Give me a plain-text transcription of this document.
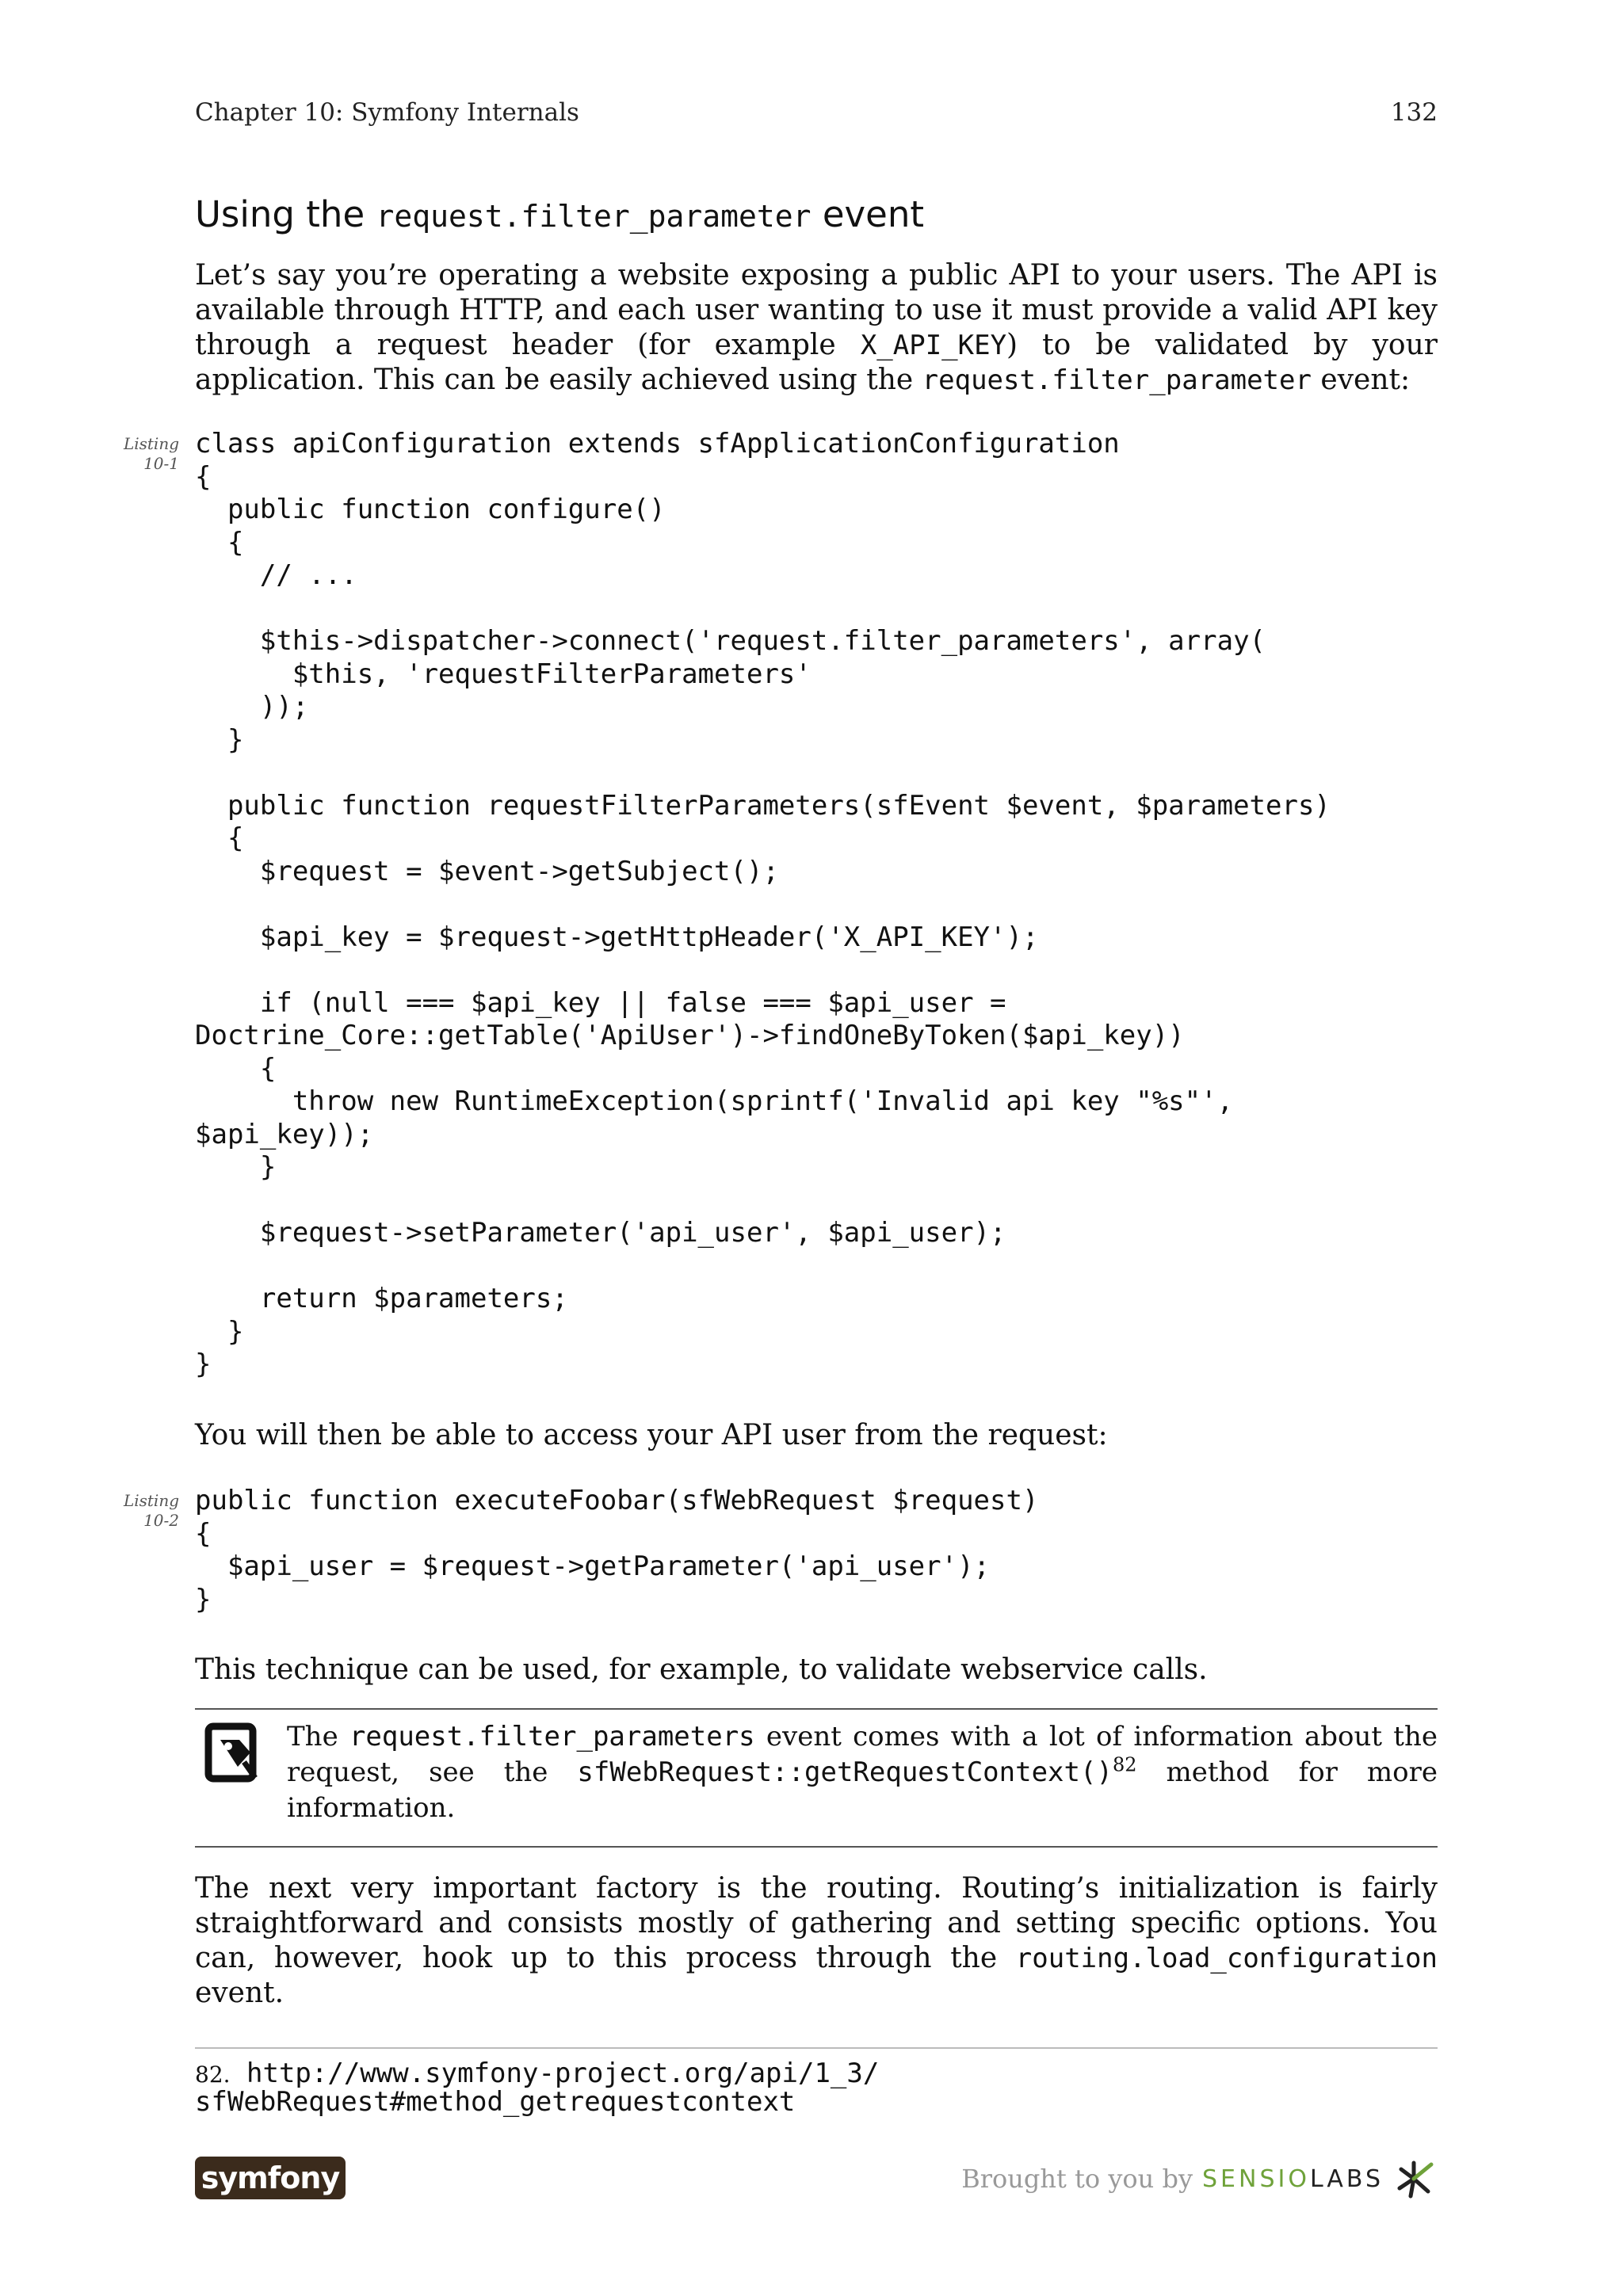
Chapter 10: Symfony Internals	132
Using the request.filter_parameter event

Let’s say you’re operating a website exposing a public API to your users. The API is available through HTTP, and each user wanting to use it must provide a valid API key through a request header (for example X_API_KEY) to be validated by your application. This can be easily achieved using the request.filter_parameter event:

Listing
10-1
class apiConfiguration extends sfApplicationConfiguration
{
public function configure()
{
// ...

$this->dispatcher->connect('request.filter_parameters', array(
$this, 'requestFilterParameters'
));
}

public function requestFilterParameters(sfEvent $event, $parameters)
{
$request = $event->getSubject();

$api_key = $request->getHttpHeader('X_API_KEY');

if (null === $api_key || false === $api_user =
Doctrine_Core::getTable('ApiUser')->findOneByToken($api_key))
{
throw new RuntimeException(sprintf('Invalid api key "%s"',
$api_key));
}

$request->setParameter('api_user', $api_user);

return $parameters;
}
}

You will then be able to access your API user from the request:

Listing
10-2
public function executeFoobar(sfWebRequest $request)
{
$api_user = $request->getParameter('api_user');
}

This technique can be used, for example, to validate webservice calls.

The request.filter_parameters event comes with a lot of information about the request, see the sfWebRequest::getRequestContext()$^{82}$ method for more information.

The next very important factory is the routing. Routing’s initialization is fairly straightforward and consists mostly of gathering and setting specific options. You can, however, hook up to this process through the routing.load_configuration event.

82. http://www.symfony-project.org/api/1_3/
sfWebRequest#method_getrequestcontext
symfony	Brought to you by SENSIOLABS
